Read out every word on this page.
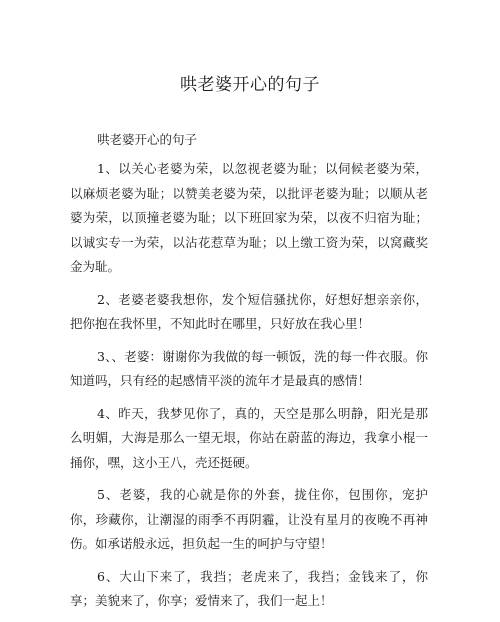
哄老婆开心的句子
哄老婆开心的句子

1、以关心老婆为荣，以忽视老婆为耻；以伺候老婆为荣，以麻烦老婆为耻；以赞美老婆为荣，以批评老婆为耻；以顺从老婆为荣，以顶撞老婆为耻；以下班回家为荣，以夜不归宿为耻；以诚实专一为荣，以沾花惹草为耻；以上缴工资为荣，以窝藏奖金为耻。

2、老婆老婆我想你，发个短信骚扰你，好想好想亲亲你，把你抱在我怀里，不知此时在哪里，只好放在我心里！

3、、老婆：谢谢你为我做的每一顿饭，洗的每一件衣服。你知道吗，只有经的起感情平淡的流年才是最真的感情！

4、昨天，我梦见你了，真的，天空是那么明静，阳光是那么明媚，大海是那么一望无垠，你站在蔚蓝的海边，我拿小棍一捅你，嘿，这小王八，壳还挺硬。

5、老婆，我的心就是你的外套，拢住你，包围你，宠护你，珍藏你，让潮湿的雨季不再阴霾，让没有星月的夜晚不再神伤。如承诺般永远，担负起一生的呵护与守望！

6、大山下来了，我挡；老虎来了，我挡；金钱来了，你享；美貌来了，你享；爱情来了，我们一起上！
